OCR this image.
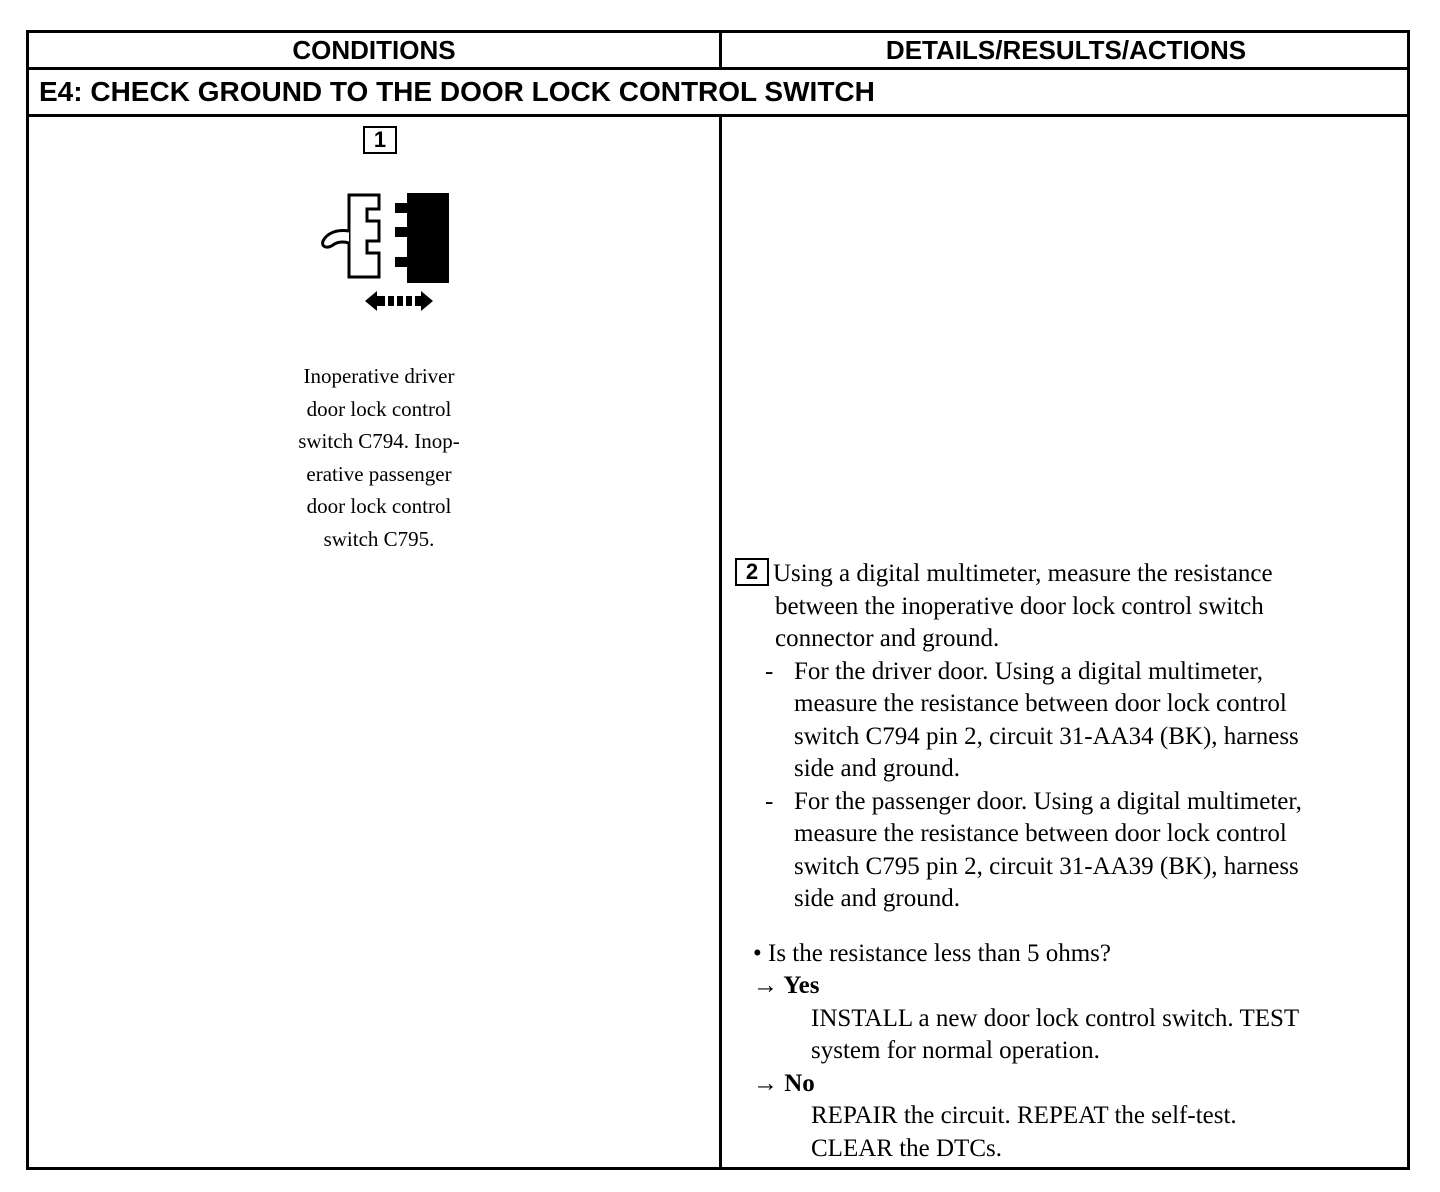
CONDITIONS	DETAILS/RESULTS/ACTIONS
E4: CHECK GROUND TO THE DOOR LOCK CONTROL SWITCH
1
Inoperative driver
door lock control
switch C794. Inop-
erative passenger
door lock control
switch C795.

2 Using a digital multimeter, measure the resistance

between the inoperative door lock control switch

connector and ground.

- For the driver door. Using a digital multimeter,

measure the resistance between door lock control

switch C794 pin 2, circuit 31-AA34 (BK), harness

side and ground.

- For the passenger door. Using a digital multimeter,

measure the resistance between door lock control

switch C795 pin 2, circuit 31-AA39 (BK), harness

side and ground.

• Is the resistance less than 5 ohms?

→ Yes

INSTALL a new door lock control switch. TEST

system for normal operation.

→ No

REPAIR the circuit. REPEAT the self-test.

CLEAR the DTCs.
